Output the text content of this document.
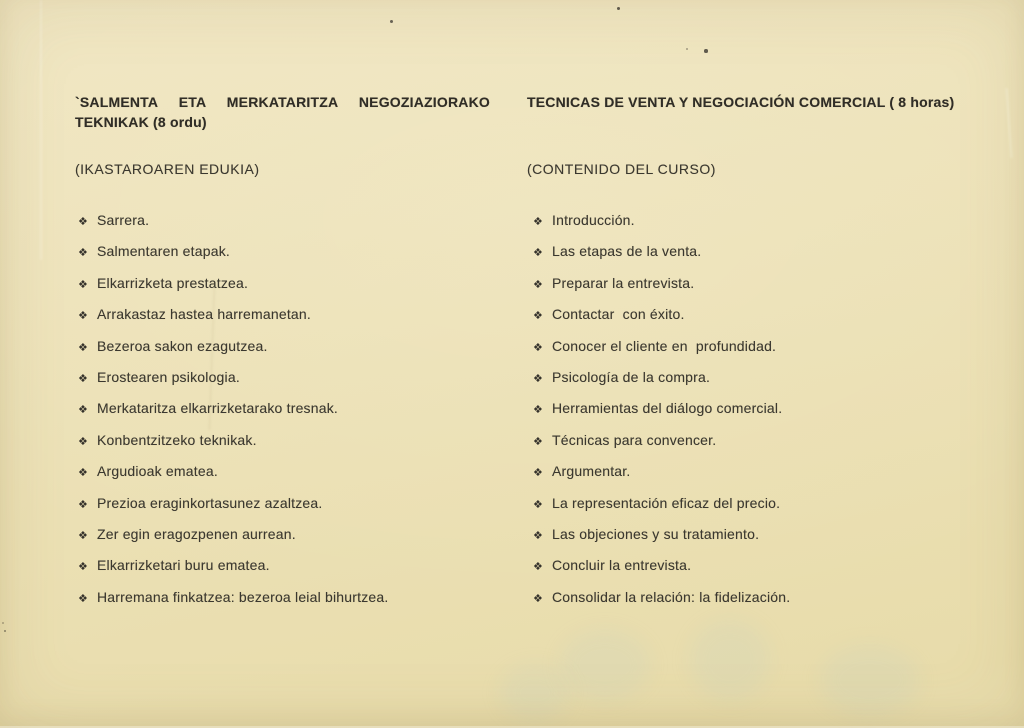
`SALMENTA ETA MERKATARITZA NEGOZIAZIORAKO
TEKNIKAK (8 ordu)
(IKASTAROAREN EDUKIA)
❖ Sarrera.
❖ Salmentaren etapak.
❖ Elkarrizketa prestatzea.
❖ Arrakastaz hastea harremanetan.
❖ Bezeroa sakon ezagutzea.
❖ Erostearen psikologia.
❖ Merkataritza elkarrizketarako tresnak.
❖ Konbentzitzeko teknikak.
❖ Argudioak ematea.
❖ Prezioa eraginkortasunez azaltzea.
❖ Zer egin eragozpenen aurrean.
❖ Elkarrizketari buru ematea.
❖ Harremana finkatzea: bezeroa leial bihurtzea.
TECNICAS DE VENTA Y NEGOCIACIÓN COMERCIAL ( 8 horas)
(CONTENIDO DEL CURSO)
❖ Introducción.
❖ Las etapas de la venta.
❖ Preparar la entrevista.
❖ Contactar  con éxito.
❖ Conocer el cliente en  profundidad.
❖ Psicología de la compra.
❖ Herramientas del diálogo comercial.
❖ Técnicas para convencer.
❖ Argumentar.
❖ La representación eficaz del precio.
❖ Las objeciones y su tratamiento.
❖ Concluir la entrevista.
❖ Consolidar la relación: la fidelización.
